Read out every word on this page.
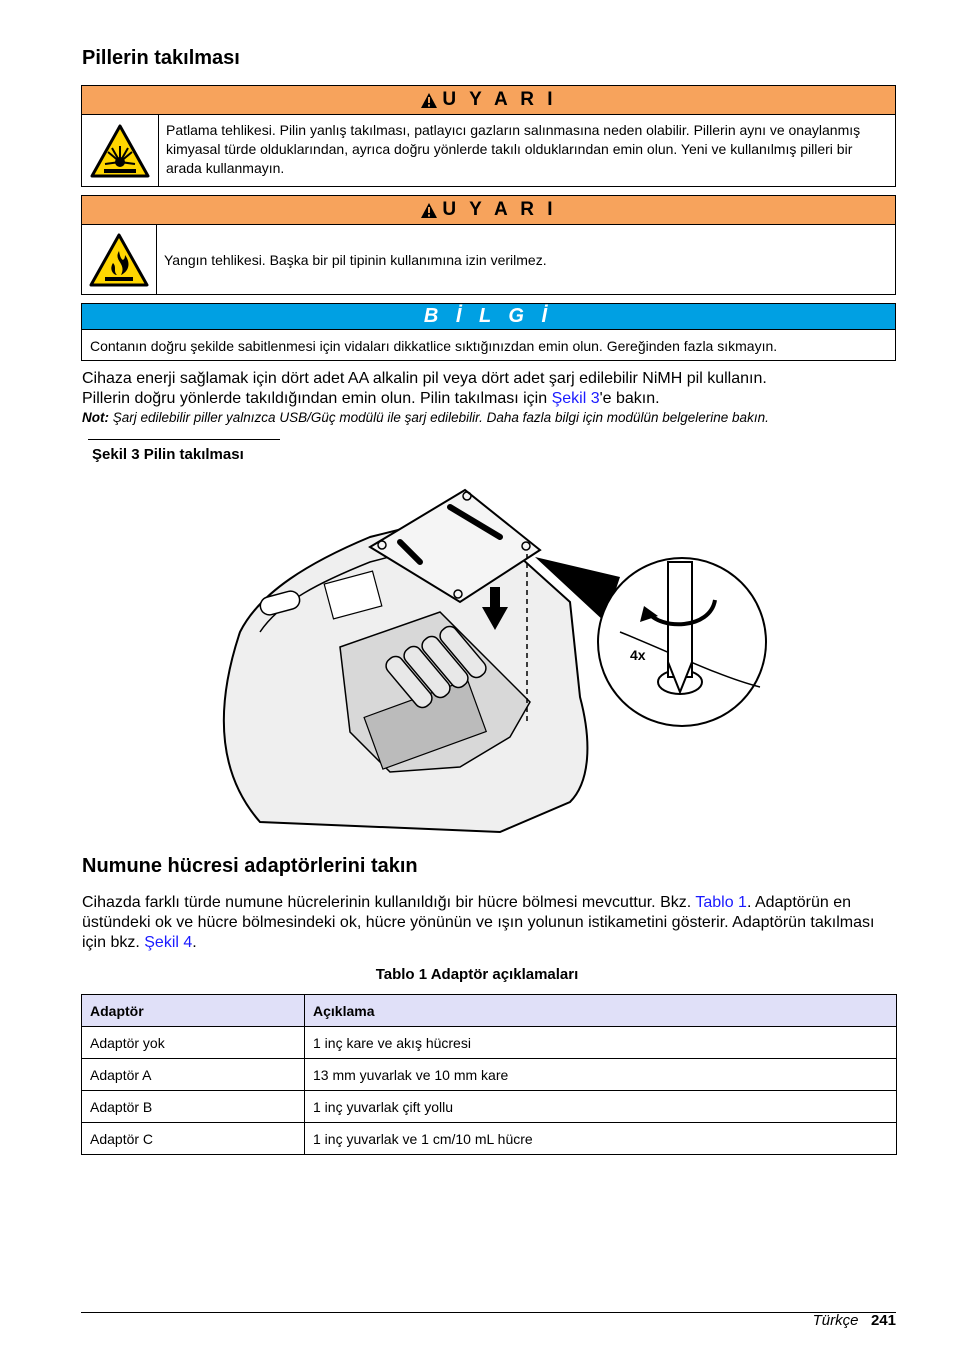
Pillerin takılması
U Y A R I
Patlama tehlikesi. Pilin yanlış takılması, patlayıcı gazların salınmasına neden olabilir. Pillerin aynı ve onaylanmış kimyasal türde olduklarından, ayrıca doğru yönlerde takılı olduklarından emin olun. Yeni ve kullanılmış pilleri bir arada kullanmayın.
U Y A R I
Yangın tehlikesi. Başka bir pil tipinin kullanımına izin verilmez.
B İ L G İ
Contanın doğru şekilde sabitlenmesi için vidaları dikkatlice sıktığınızdan emin olun. Gereğinden fazla sıkmayın.

Cihaza enerji sağlamak için dört adet AA alkalin pil veya dört adet şarj edilebilir NiMH pil kullanın.

Pillerin doğru yönlerde takıldığından emin olun. Pilin takılması için Şekil 3'e bakın.

Not: Şarj edilebilir piller yalnızca USB/Güç modülü ile şarj edilebilir. Daha fazla bilgi için modülün belgelerine bakın.
Şekil 3 Pilin takılması
4x
Numune hücresi adaptörlerini takın
Cihazda farklı türde numune hücrelerinin kullanıldığı bir hücre bölmesi mevcuttur. Bkz. Tablo 1. Adaptörün en üstündeki ok ve hücre bölmesindeki ok, hücre yönünün ve ışın yolunun istikametini gösterir. Adaptörün takılması için bkz. Şekil 4.
Tablo 1 Adaptör açıklamaları
Adaptör	Açıklama
Adaptör yok	1 inç kare ve akış hücresi
Adaptör A	13 mm yuvarlak ve 10 mm kare
Adaptör B	1 inç yuvarlak çift yollu
Adaptör C	1 inç yuvarlak ve 1 cm/10 mL hücre
Türkçe 241
